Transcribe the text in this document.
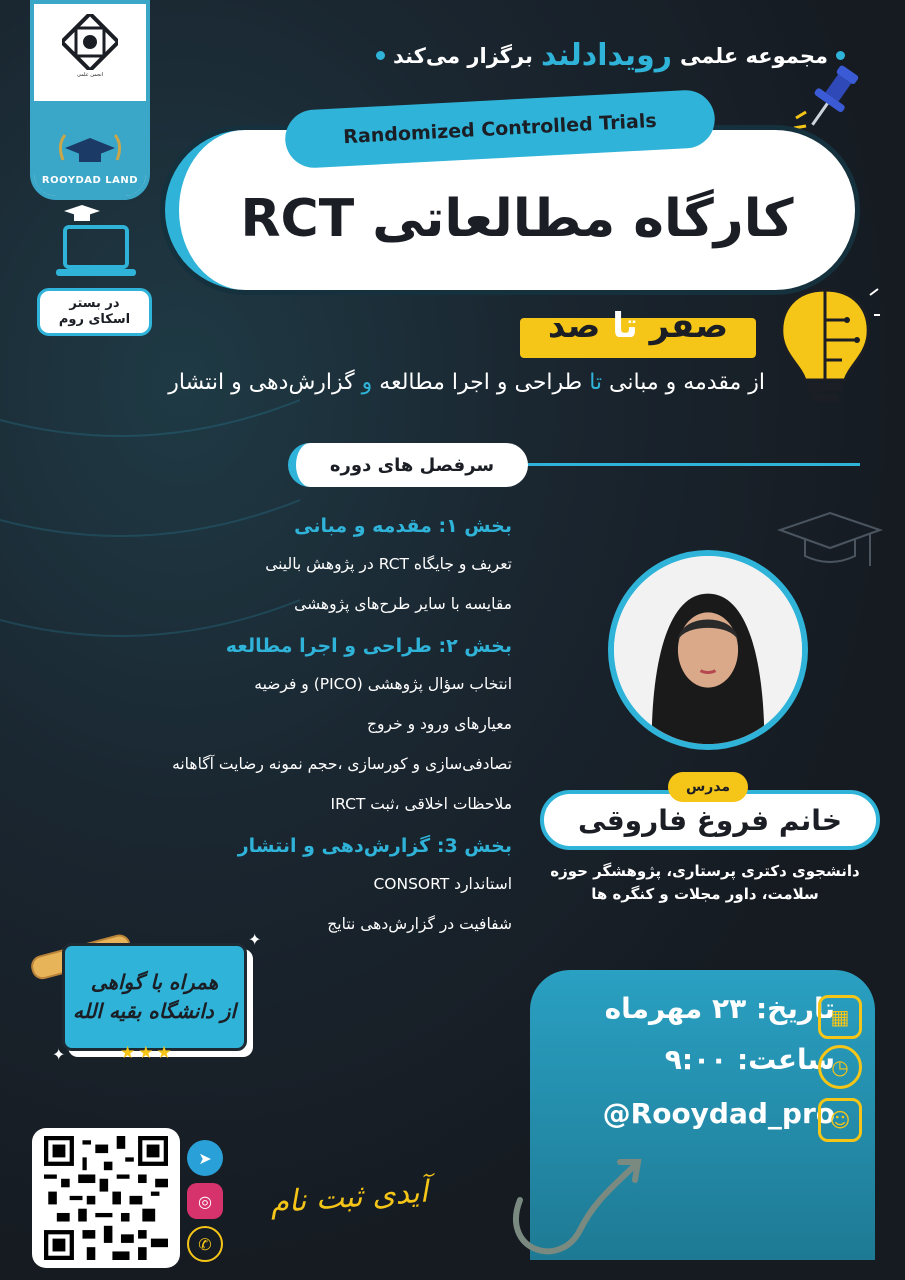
انجمن علمی
ROOYDAD LAND
مجموعه علمی
رویدادلند
برگزار می‌کند
کارگاه مطالعاتی RCT
Randomized Controlled Trials
در بستر
اسکای روم	صفر تا صد
از مقدمه و مبانی تا طراحی و اجرا مطالعه و گزارش‌دهی و انتشار
سرفصل های دوره
بخش ۱: مقدمه و مبانی
تعریف و جایگاه RCT در پژوهش بالینی
مقایسه با سایر طرح‌های پژوهشی
بخش ۲: طراحی و اجرا مطالعه
انتخاب سؤال پژوهشی (PICO) و فرضیه
معیارهای ورود و خروج
تصادفی‌سازی و کورسازی ،حجم نمونه رضایت آگاهانه
ملاحظات اخلاقی ،ثبت IRCT
بخش 3: گزارش‌دهی و انتشار
استاندارد CONSORT
شفافیت در گزارش‌دهی نتایج
خانم فروغ فاروقی
مدرس
دانشجوی دکتری پرستاری، پژوهشگر حوزه
سلامت، داور مجلات و کنگره ها
همراه با گواهی
از دانشگاه بقیه الله
★★★
✦
✦
تاریخ: ۲۳ مهرماه
ساعت: ۹:۰۰
@Rooydad_pro
▦
◷
☺
آیدی ثبت نام
➤
◎
✆
